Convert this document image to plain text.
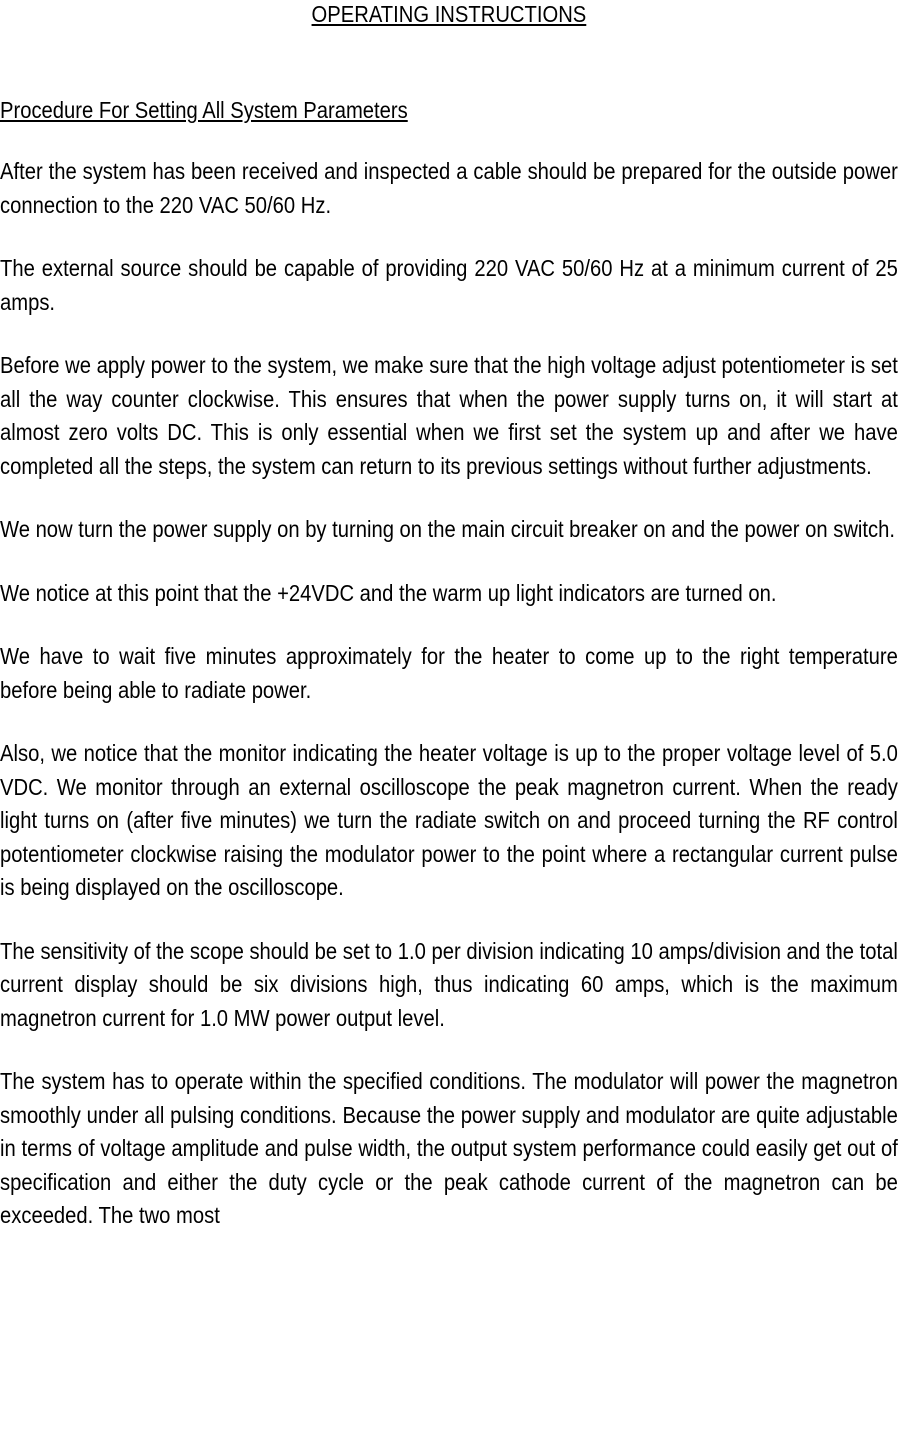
OPERATING INSTRUCTIONS
Procedure For Setting All System Parameters

After the system has been received and inspected a cable should be prepared for the outside power connection to the 220 VAC 50/60 Hz.

The external source should be capable of providing 220 VAC 50/60 Hz at a minimum current of 25 amps.

Before we apply power to the system, we make sure that the high voltage adjust potentiometer is set all the way counter clockwise. This ensures that when the power supply turns on, it will start at almost zero volts DC. This is only essential when we first set the system up and after we have completed all the steps, the system can return to its previous settings without further adjustments.

We now turn the power supply on by turning on the main circuit breaker on and the power on switch.

We notice at this point that the +24VDC and the warm up light indicators are turned on.

We have to wait five minutes approximately for the heater to come up to the right temperature before being able to radiate power.

Also, we notice that the monitor indicating the heater voltage is up to the proper voltage level of 5.0 VDC. We monitor through an external oscilloscope the peak magnetron current. When the ready light turns on (after five minutes) we turn the radiate switch on and proceed turning the RF control potentiometer clockwise raising the modulator power to the point where a rectangular current pulse is being displayed on the oscilloscope.

The sensitivity of the scope should be set to 1.0 per division indicating 10 amps/division and the total current display should be six divisions high, thus indicating 60 amps, which is the maximum magnetron current for 1.0 MW power output level.

The system has to operate within the specified conditions. The modulator will power the magnetron smoothly under all pulsing conditions. Because the power supply and modulator are quite adjustable in terms of voltage amplitude and pulse width, the output system performance could easily get out of specification and either the duty cycle or the peak cathode current of the magnetron can be exceeded. The two most
